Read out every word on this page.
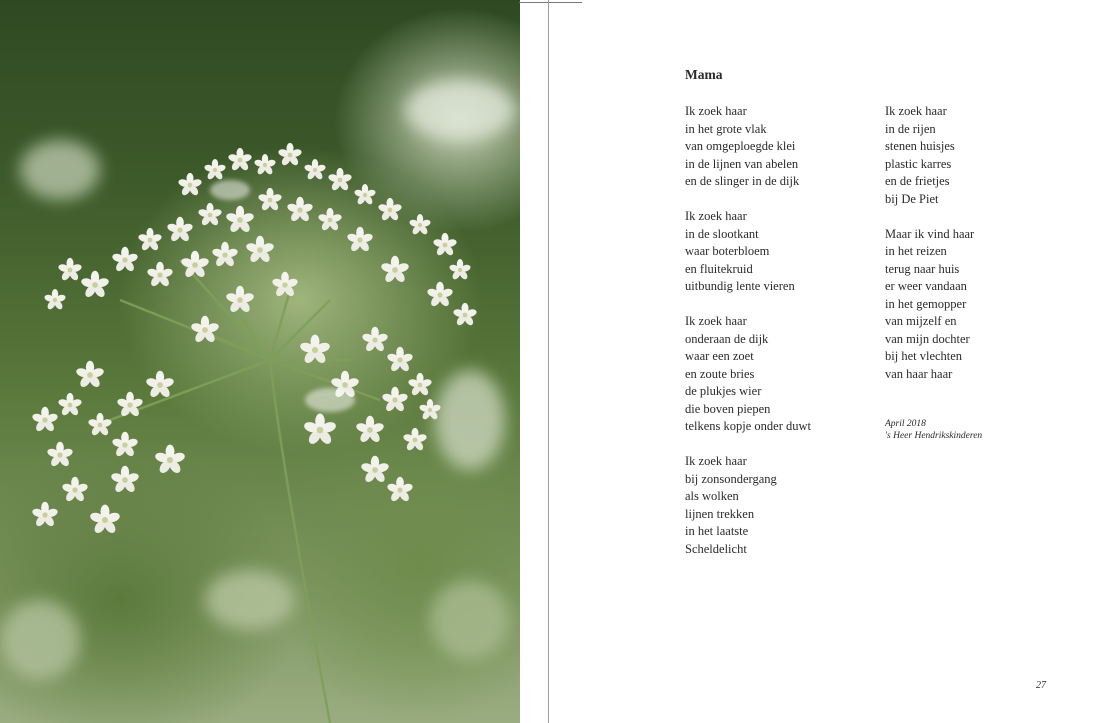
Mama
Ik zoek haar
in het grote vlak
van omgeploegde klei
in de lijnen van abelen
en de slinger in de dijk
Ik zoek haar
in de slootkant
waar boterbloem
en fluitekruid
uitbundig lente vieren
Ik zoek haar
onderaan de dijk
waar een zoet
en zoute bries
de plukjes wier
die boven piepen
telkens kopje onder duwt
Ik zoek haar
bij zonsondergang
als wolken
lijnen trekken
in het laatste
Scheldelicht
Ik zoek haar
in de rijen
stenen huisjes
plastic karres
en de frietjes
bij De Piet
Maar ik vind haar
in het reizen
terug naar huis
er weer vandaan
in het gemopper
van mijzelf en
van mijn dochter
bij het vlechten
van haar haar
April 2018
's Heer Hendrikskinderen
27
